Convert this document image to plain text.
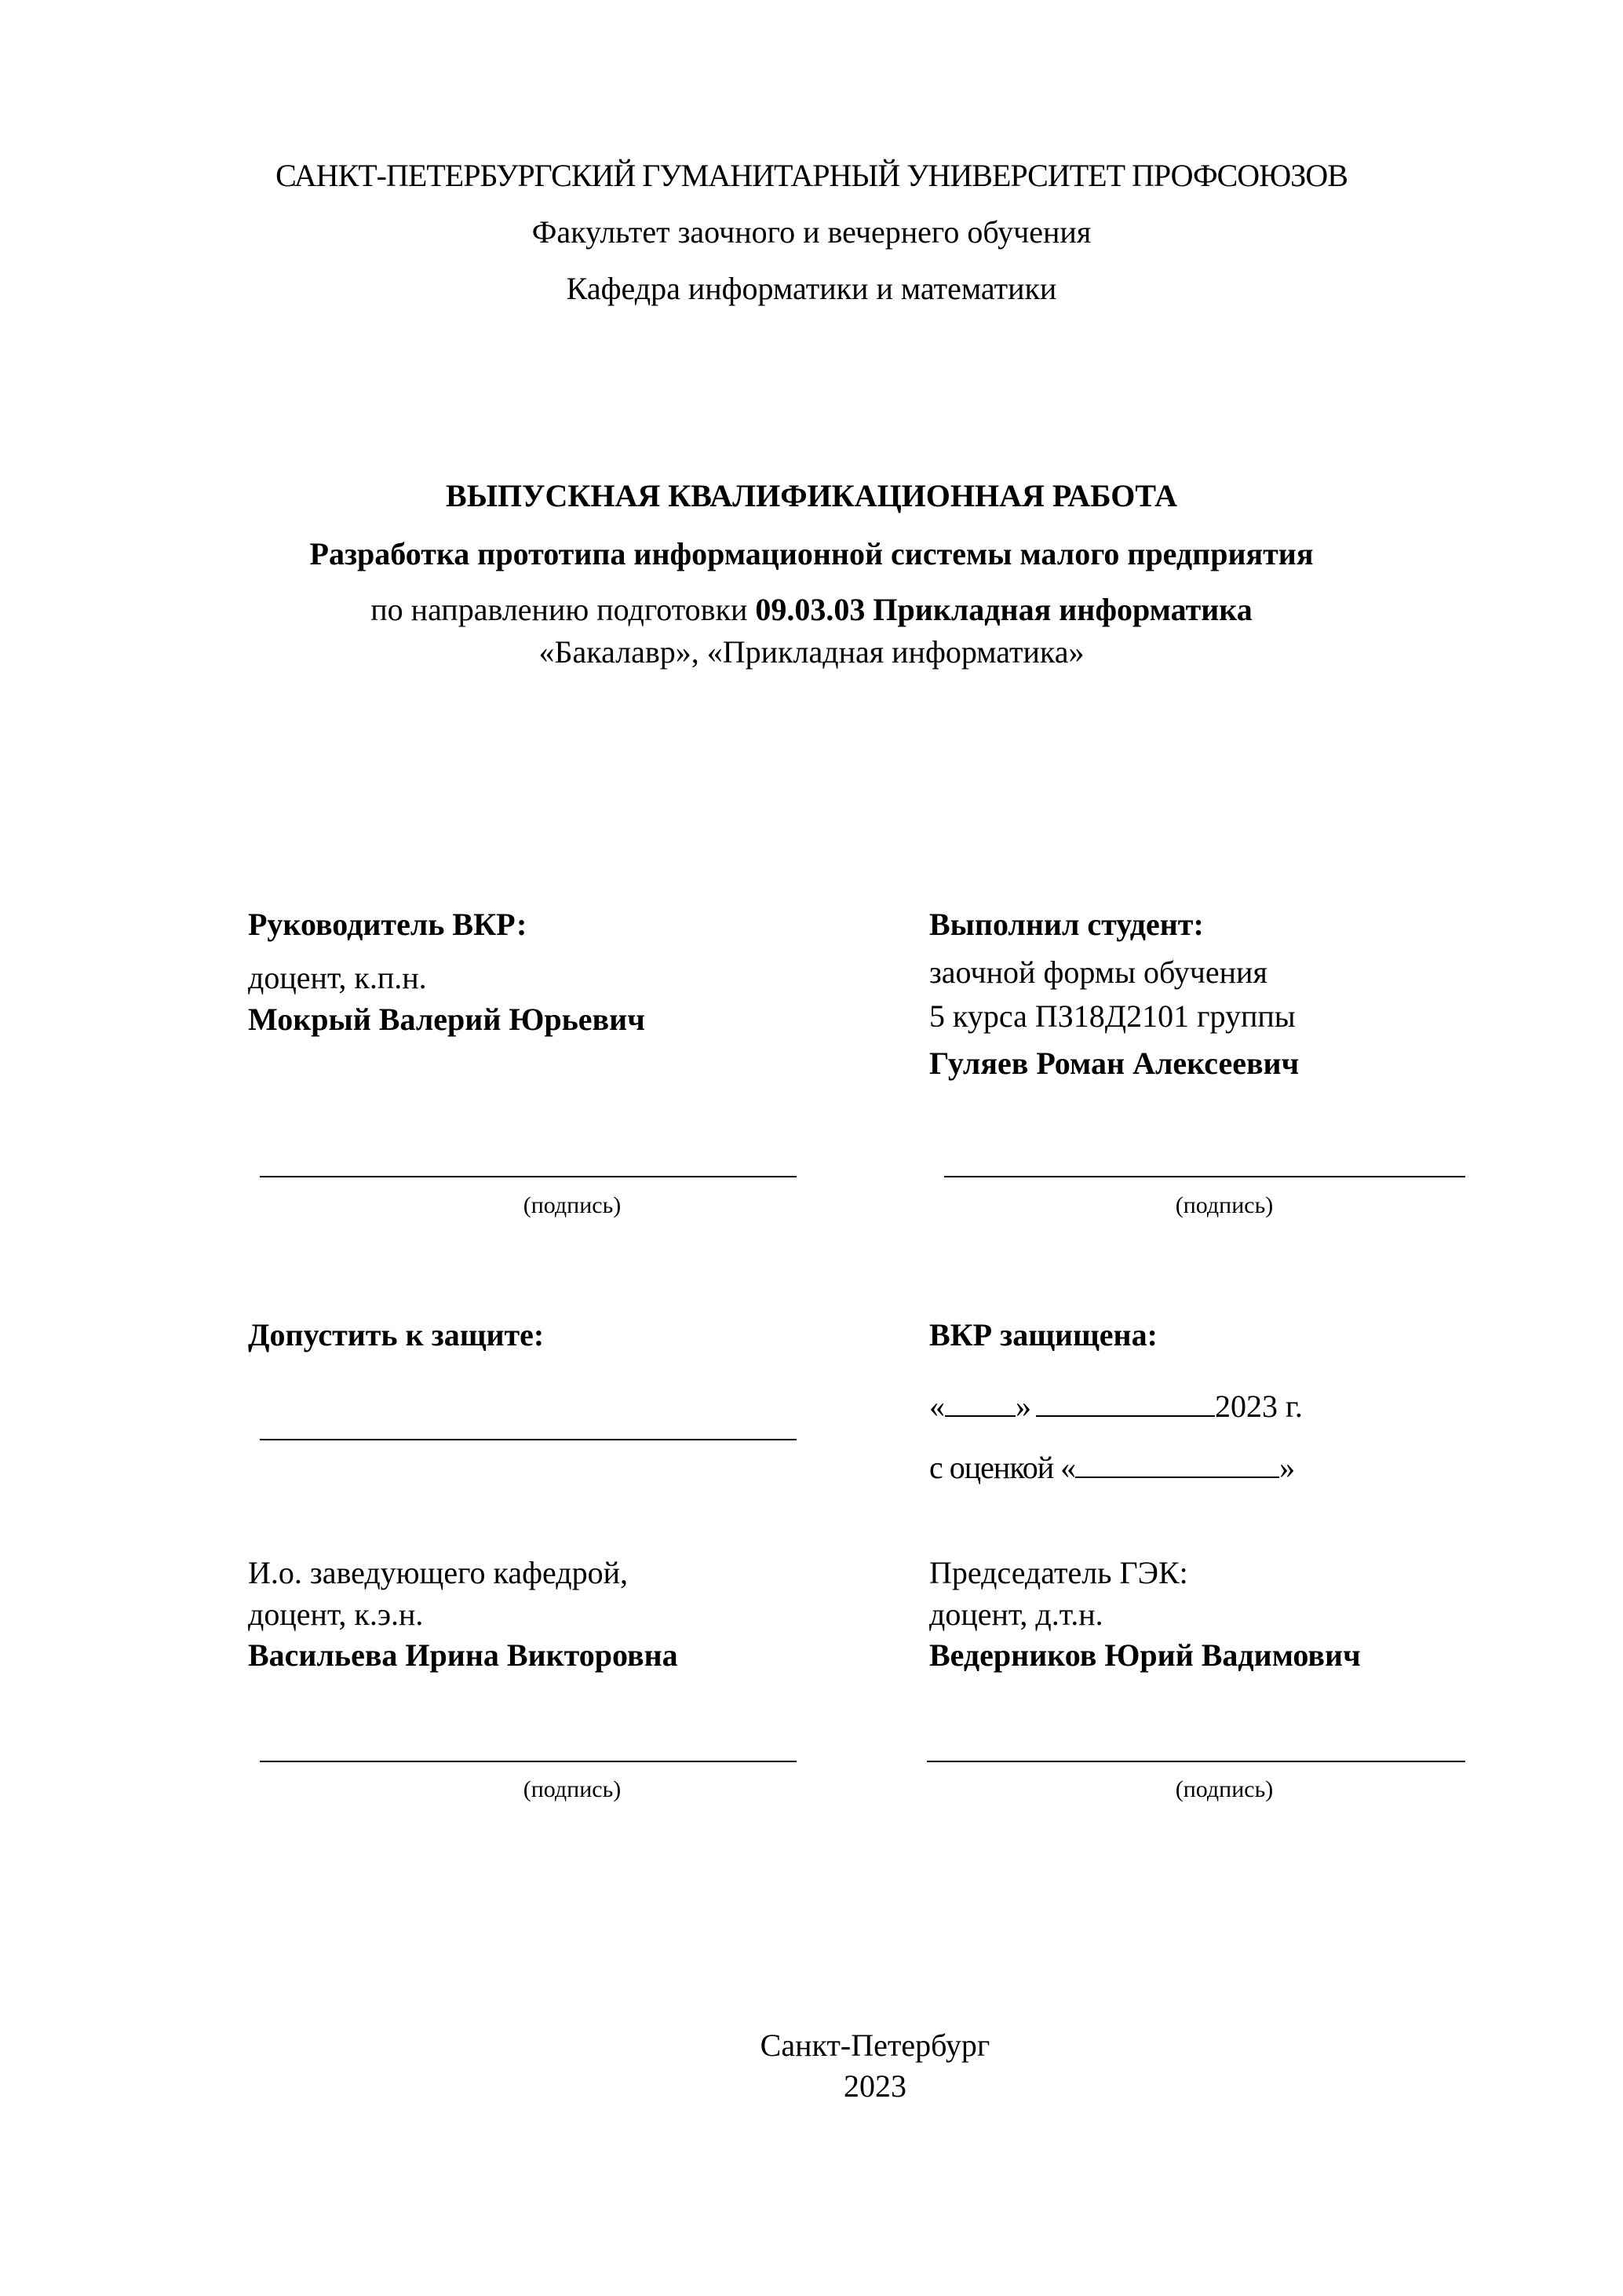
САНКТ-ПЕТЕРБУРГСКИЙ ГУМАНИТАРНЫЙ УНИВЕРСИТЕТ ПРОФСОЮЗОВ
Факультет заочного и вечернего обучения
Кафедра информатики и математики
ВЫПУСКНАЯ КВАЛИФИКАЦИОННАЯ РАБОТА
Разработка прототипа информационной системы малого предприятия
по направлению подготовки 09.03.03 Прикладная информатика
«Бакалавр», «Прикладная информатика»
Руководитель ВКР:
доцент, к.п.н.
Мокрый Валерий Юрьевич
(подпись)
Выполнил студент:
заочной формы обучения
5 курса ПЗ18Д2101 группы
Гуляев Роман Алексеевич
(подпись)
Допустить к защите:	ВКР защищена:
« »	2023 г.
с оценкой «	»
И.о. заведующего кафедрой,
доцент, к.э.н.
Васильева Ирина Викторовна
(подпись)
Председатель ГЭК:
доцент, д.т.н.
Ведерников Юрий Вадимович
(подпись)
Санкт-Петербург
2023
